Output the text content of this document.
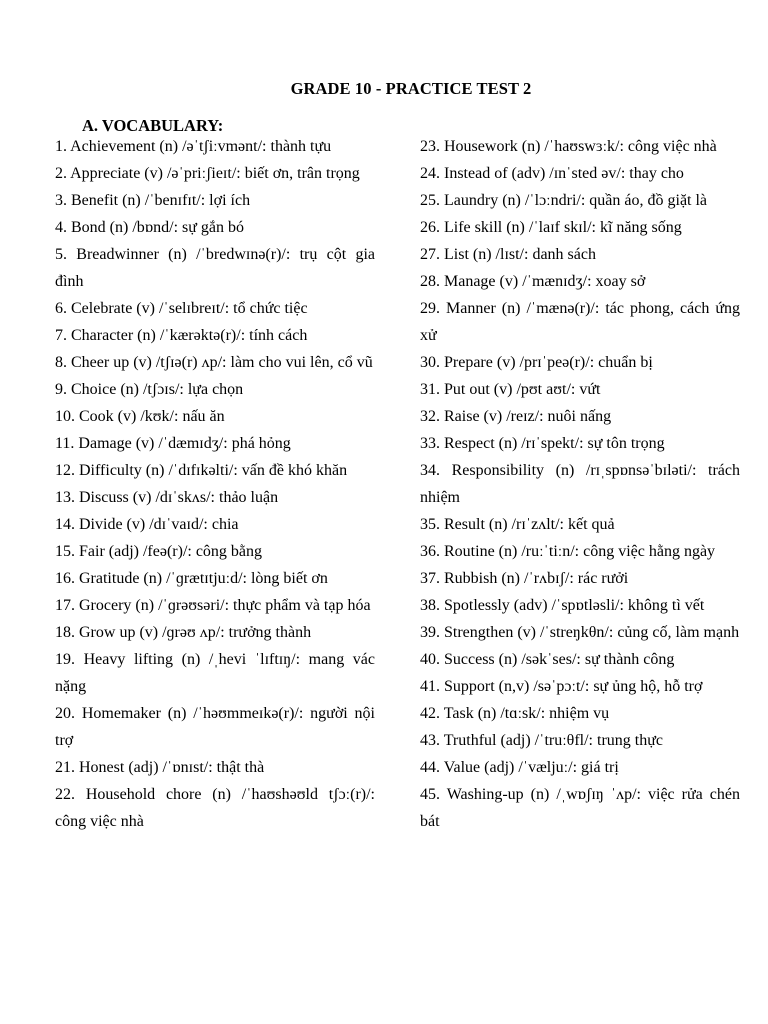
GRADE 10 - PRACTICE TEST 2
A. VOCABULARY:

1. Achievement (n) /əˈtʃiːvmənt/: thành tựu

2. Appreciate (v) /əˈpriːʃieɪt/: biết ơn, trân trọng

3. Benefit (n) /ˈbenɪfɪt/: lợi ích

4. Bond (n) /bɒnd/: sự gắn bó

5. Breadwinner (n) /ˈbredwɪnə(r)/: trụ cột gia đình

6. Celebrate (v) /ˈselɪbreɪt/: tổ chức tiệc

7. Character (n) /ˈkærəktə(r)/: tính cách

8. Cheer up (v) /tʃɪə(r) ʌp/: làm cho vui lên, cổ vũ

9. Choice (n) /tʃɔɪs/: lựa chọn

10. Cook (v) /kʊk/: nấu ăn

11. Damage (v) /ˈdæmɪdʒ/: phá hỏng

12. Difficulty (n) /ˈdɪfɪkəlti/: vấn đề khó khăn

13. Discuss (v) /dɪˈskʌs/: thảo luận

14. Divide (v) /dɪˈvaɪd/: chia

15. Fair (adj) /feə(r)/: công bằng

16. Gratitude (n) /ˈɡrætɪtjuːd/: lòng biết ơn

17. Grocery (n) /ˈɡrəʊsəri/: thực phẩm và tạp hóa

18. Grow up (v) /ɡrəʊ ʌp/: trưởng thành

19. Heavy lifting (n) /ˌhevi ˈlɪftɪŋ/: mang vác nặng

20. Homemaker (n) /ˈhəʊmmeɪkə(r)/: người nội trợ

21. Honest (adj) /ˈɒnɪst/: thật thà

22. Household chore (n) /ˈhaʊshəʊld tʃɔː(r)/: công việc nhà

23. Housework (n) /ˈhaʊswɜːk/: công việc nhà

24. Instead of (adv) /ɪnˈsted əv/: thay cho

25. Laundry (n) /ˈlɔːndri/: quần áo, đồ giặt là

26. Life skill (n) /ˈlaɪf skɪl/: kĩ năng sống

27. List (n) /lɪst/: danh sách

28. Manage (v) /ˈmænɪdʒ/: xoay sở

29. Manner (n) /ˈmænə(r)/: tác phong, cách ứng xử

30. Prepare (v) /prɪˈpeə(r)/: chuẩn bị

31. Put out (v) /pʊt aʊt/: vứt

32. Raise (v) /reɪz/: nuôi nấng

33. Respect (n) /rɪˈspekt/: sự tôn trọng

34. Responsibility (n) /rɪˌspɒnsəˈbɪləti/: trách nhiệm

35. Result (n) /rɪˈzʌlt/: kết quả

36. Routine (n) /ruːˈtiːn/: công việc hằng ngày

37. Rubbish (n) /ˈrʌbɪʃ/: rác rưởi

38. Spotlessly (adv) /ˈspɒtləsli/: không tì vết

39. Strengthen (v) /ˈstreŋkθn/: củng cố, làm mạnh

40. Success (n) /səkˈses/: sự thành công

41. Support (n,v) /səˈpɔːt/: sự ủng hộ, hỗ trợ

42. Task (n) /tɑːsk/: nhiệm vụ

43. Truthful (adj) /ˈtruːθfl/: trung thực

44. Value (adj) /ˈvæljuː/: giá trị

45. Washing-up (n) /ˌwɒʃɪŋ ˈʌp/: việc rửa chén bát
